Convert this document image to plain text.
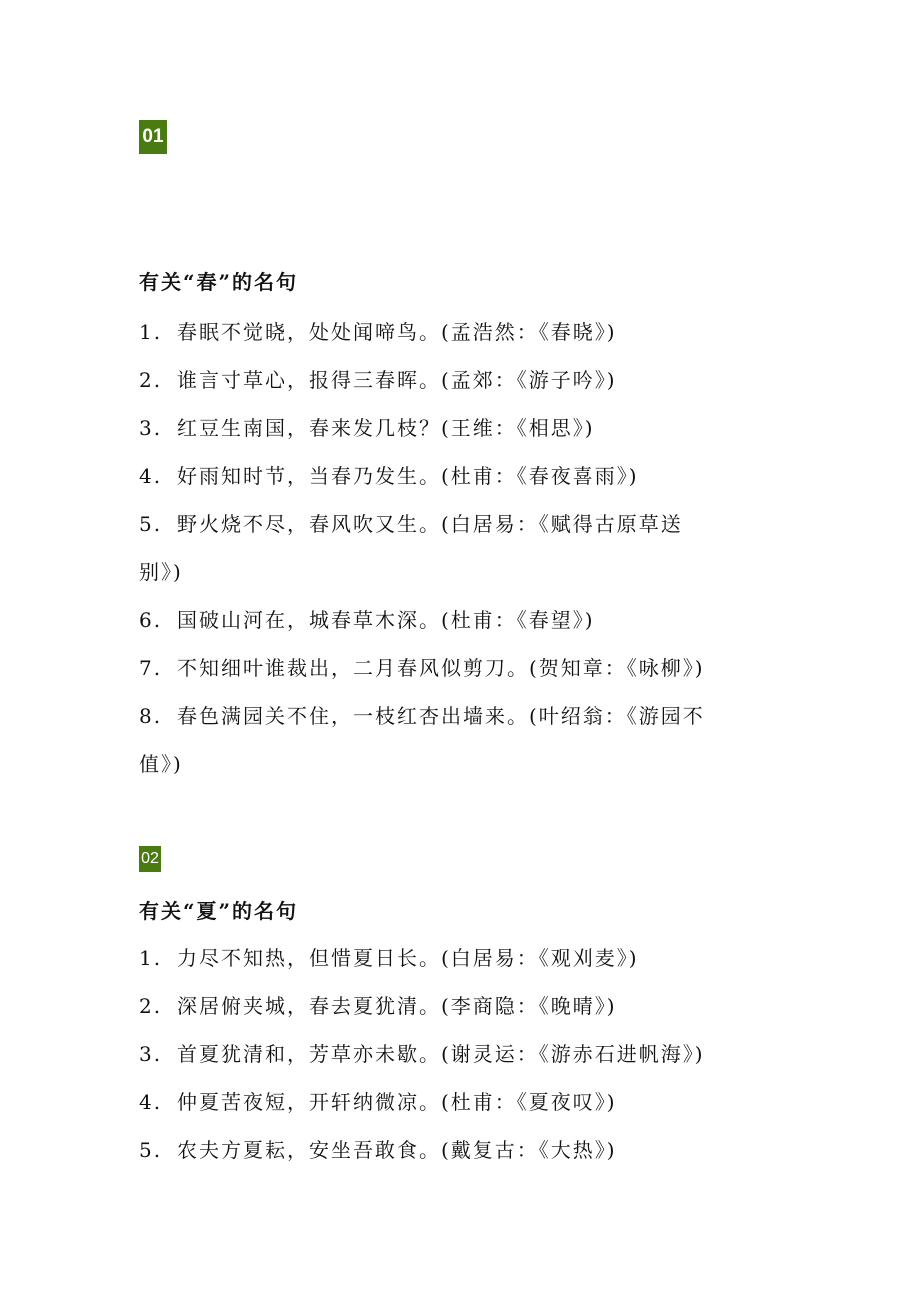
01
有关“春”的名句
1. 春眠不觉晓，处处闻啼鸟。(孟浩然：《春晓》)
2. 谁言寸草心，报得三春晖。(孟郊：《游子吟》)
3. 红豆生南国，春来发几枝？(王维：《相思》)
4. 好雨知时节，当春乃发生。(杜甫：《春夜喜雨》)
5. 野火烧不尽，春风吹又生。(白居易：《赋得古原草送
别》)
6. 国破山河在，城春草木深。(杜甫：《春望》)
7. 不知细叶谁裁出，二月春风似剪刀。(贺知章：《咏柳》)
8. 春色满园关不住，一枝红杏出墙来。(叶绍翁：《游园不
值》)
02
有关“夏”的名句
1. 力尽不知热，但惜夏日长。(白居易：《观刈麦》)
2. 深居俯夹城，春去夏犹清。(李商隐：《晚晴》)
3. 首夏犹清和，芳草亦未歇。(谢灵运：《游赤石进帆海》)
4. 仲夏苦夜短，开轩纳微凉。(杜甫：《夏夜叹》)
5. 农夫方夏耘，安坐吾敢食。(戴复古：《大热》)
